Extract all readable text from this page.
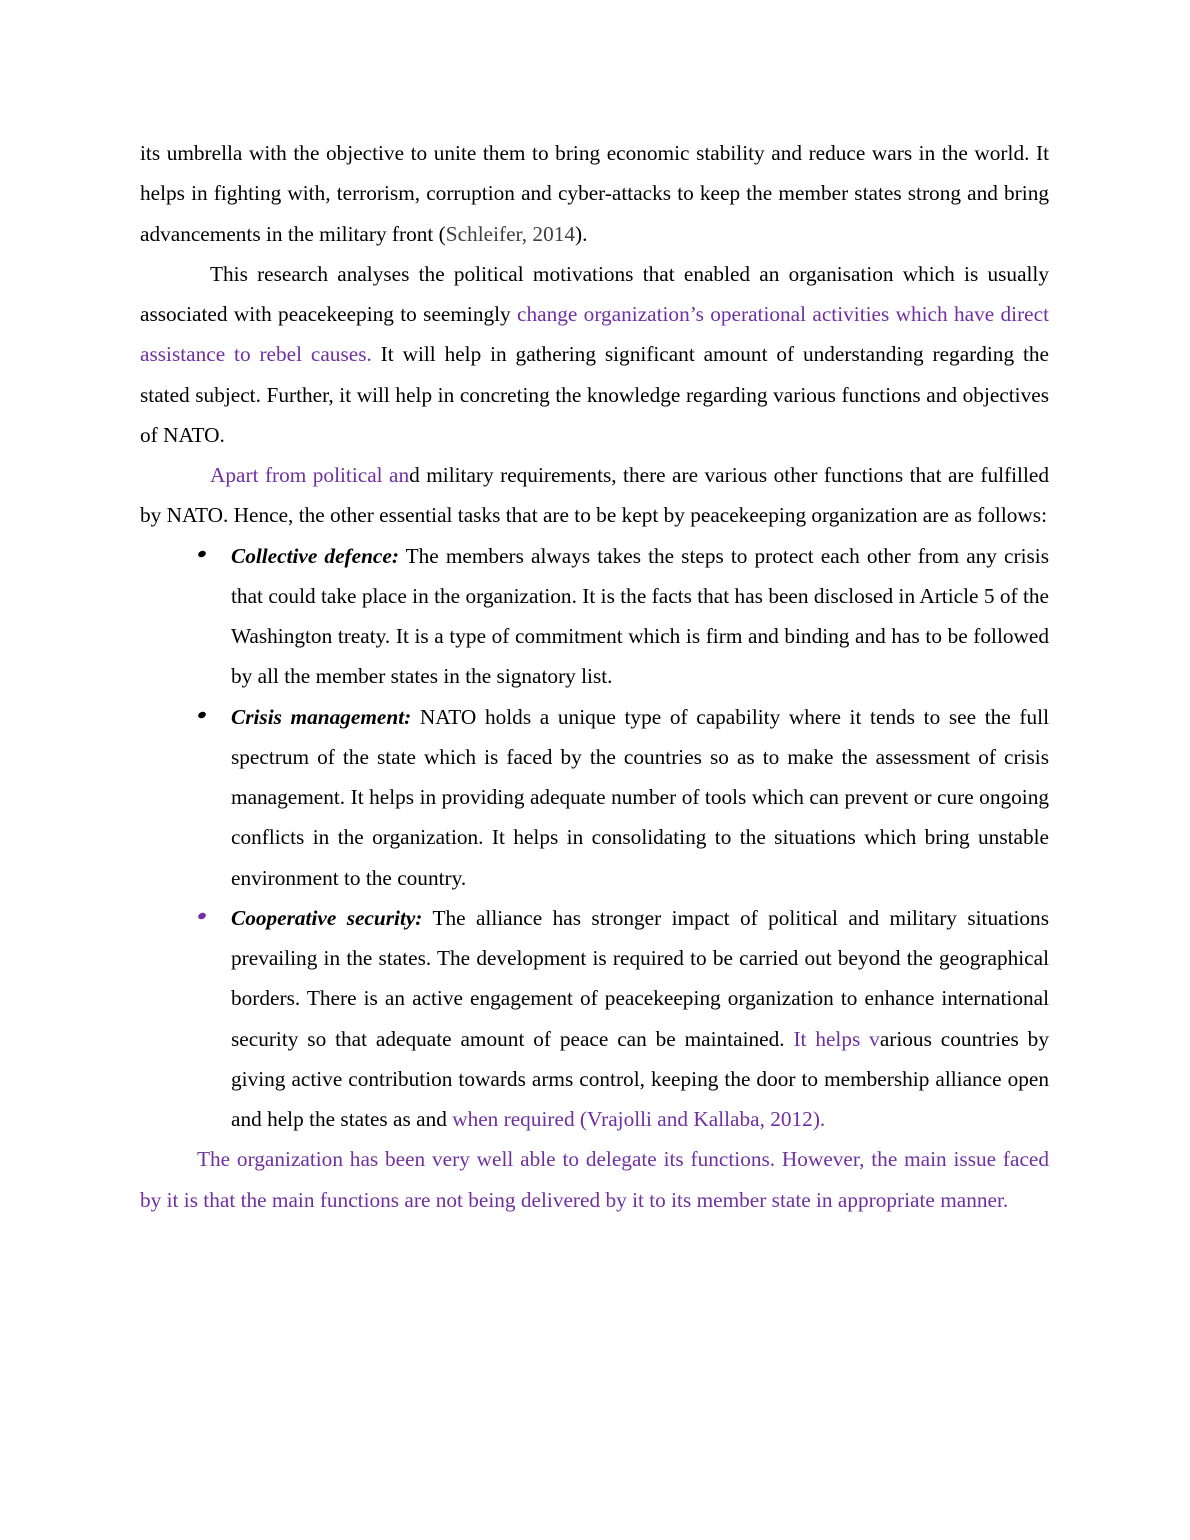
its umbrella with the objective to unite them to bring economic stability and reduce wars in the world. It helps in fighting with, terrorism, corruption and cyber-attacks to keep the member states strong and bring advancements in the military front (Schleifer, 2014).

This research analyses the political motivations that enabled an organisation which is usually associated with peacekeeping to seemingly change organization’s operational activities which have direct assistance to rebel causes. It will help in gathering significant amount of understanding regarding the stated subject. Further, it will help in concreting the knowledge regarding various functions and objectives of NATO.

Apart from political and military requirements, there are various other functions that are fulfilled by NATO. Hence, the other essential tasks that are to be kept by peacekeeping organization are as follows:

Collective defence: The members always takes the steps to protect each other from any crisis that could take place in the organization. It is the facts that has been disclosed in Article 5 of the Washington treaty. It is a type of commitment which is firm and binding and has to be followed by all the member states in the signatory list.
Crisis management: NATO holds a unique type of capability where it tends to see the full spectrum of the state which is faced by the countries so as to make the assessment of crisis management. It helps in providing adequate number of tools which can prevent or cure ongoing conflicts in the organization. It helps in consolidating to the situations which bring unstable environment to the country.
Cooperative security: The alliance has stronger impact of political and military situations prevailing in the states. The development is required to be carried out beyond the geographical borders. There is an active engagement of peacekeeping organization to enhance international security so that adequate amount of peace can be maintained. It helps various countries by giving active contribution towards arms control, keeping the door to membership alliance open and help the states as and when required (Vrajolli and Kallaba, 2012).

The organization has been very well able to delegate its functions. However, the main issue faced by it is that the main functions are not being delivered by it to its member state in appropriate manner.
